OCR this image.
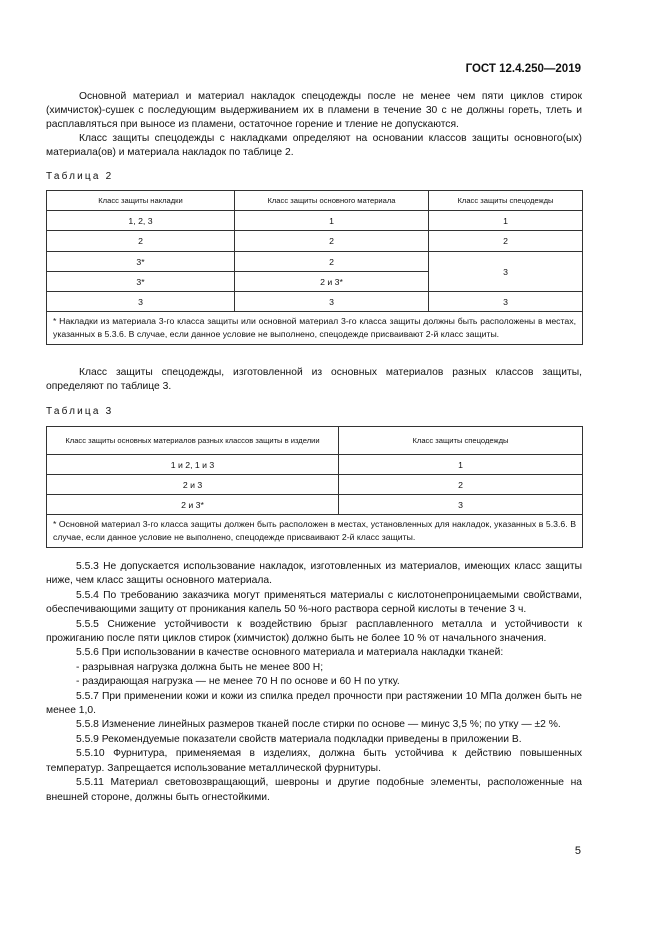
ГОСТ 12.4.250—2019

Основной материал и материал накладок спецодежды после не менее чем пяти циклов стирок (химчисток)-сушек с последующим выдерживанием их в пламени в течение 30 с не должны гореть, тлеть и расплавляться при выносе из пламени, остаточное горение и тление не допускаются.

Класс защиты спецодежды с накладками определяют на основании классов защиты основного(ых) материала(ов) и материала накладок по таблице 2.

Таблица 2
Класс защиты накладки	Класс защиты основного материала	Класс защиты спецодежды
1, 2, 3	1	1
2	2	2
3*	2	3
3*	2 и 3*	
3	3	3
* Накладки из материала 3-го класса защиты или основной материал 3-го класса защиты должны быть расположены в местах, указанных в 5.3.6. В случае, если данное условие не выполнено, спецодежде присваивают 2-й класс защиты.		

Класс защиты спецодежды, изготовленной из основных материалов разных классов защиты, определяют по таблице 3.

Таблица 3
Класс защиты основных материалов разных классов защиты в изделии	Класс защиты спецодежды
1 и 2, 1 и 3	1
2 и 3	2
2 и 3*	3
* Основной материал 3-го класса защиты должен быть расположен в местах, установленных для накладок, указанных в 5.3.6. В случае, если данное условие не выполнено, спецодежде присваивают 2-й класс защиты.	

5.5.3 Не допускается использование накладок, изготовленных из материалов, имеющих класс защиты ниже, чем класс защиты основного материала.

5.5.4 По требованию заказчика могут применяться материалы с кислотонепроницаемыми свойствами, обеспечивающими защиту от проникания капель 50 %-ного раствора серной кислоты в течение 3 ч.

5.5.5 Снижение устойчивости к воздействию брызг расплавленного металла и устойчивости к прожиганию после пяти циклов стирок (химчисток) должно быть не более 10 % от начального значения.

5.5.6 При использовании в качестве основного материала и материала накладки тканей:

- разрывная нагрузка должна быть не менее 800 Н;

- раздирающая нагрузка — не менее 70 Н по основе и 60 Н по утку.

5.5.7 При применении кожи и кожи из спилка предел прочности при растяжении 10 МПа должен быть не менее 1,0.

5.5.8 Изменение линейных размеров тканей после стирки по основе — минус 3,5 %; по утку — ±2 %.

5.5.9 Рекомендуемые показатели свойств материала подкладки приведены в приложении В.

5.5.10 Фурнитура, применяемая в изделиях, должна быть устойчива к действию повышенных температур. Запрещается использование металлической фурнитуры.

5.5.11 Материал световозвращающий, шевроны и другие подобные элементы, расположенные на внешней стороне, должны быть огнестойкими.

5
